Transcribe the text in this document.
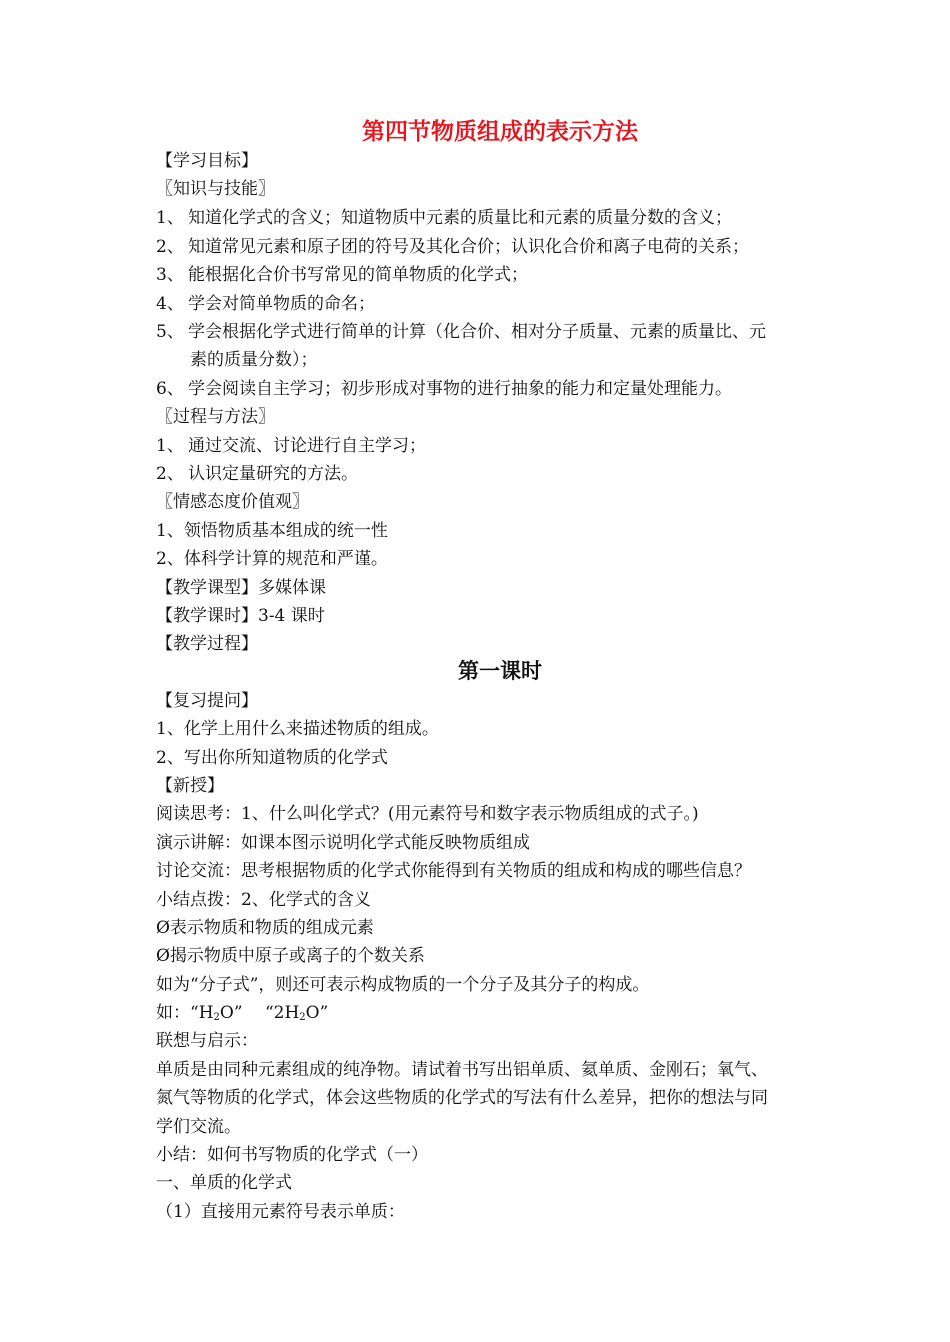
第四节物质组成的表示方法
【学习目标】
〖知识与技能〗
1、 知道化学式的含义；知道物质中元素的质量比和元素的质量分数的含义；
2、 知道常见元素和原子团的符号及其化合价；认识化合价和离子电荷的关系；
3、 能根据化合价书写常见的简单物质的化学式；
4、 学会对简单物质的命名；
5、 学会根据化学式进行简单的计算（化合价、相对分子质量、元素的质量比、元
素的质量分数）；
6、 学会阅读自主学习；初步形成对事物的进行抽象的能力和定量处理能力。
〖过程与方法〗
1、 通过交流、讨论进行自主学习；
2、 认识定量研究的方法。
〖情感态度价值观〗
1、领悟物质基本组成的统一性
2、体科学计算的规范和严谨。
【教学课型】多媒体课
【教学课时】3-4 课时
【教学过程】
第一课时
【复习提问】
1、化学上用什么来描述物质的组成。
2、写出你所知道物质的化学式
【新授】
阅读思考：1、什么叫化学式？(用元素符号和数字表示物质组成的式子。)
演示讲解：如课本图示说明化学式能反映物质组成
讨论交流：思考根据物质的化学式你能得到有关物质的组成和构成的哪些信息？
小结点拨：2、化学式的含义
Ø表示物质和物质的组成元素
Ø揭示物质中原子或离子的个数关系
如为“分子式”，则还可表示构成物质的一个分子及其分子的构成。
如：“$H_2O$”　 “$2H_2O$”
联想与启示：
单质是由同种元素组成的纯净物。请试着书写出铝单质、氦单质、金刚石；氧气、
氮气等物质的化学式，体会这些物质的化学式的写法有什么差异，把你的想法与同
学们交流。
小结：如何书写物质的化学式（一）
一、单质的化学式
（1）直接用元素符号表示单质：
